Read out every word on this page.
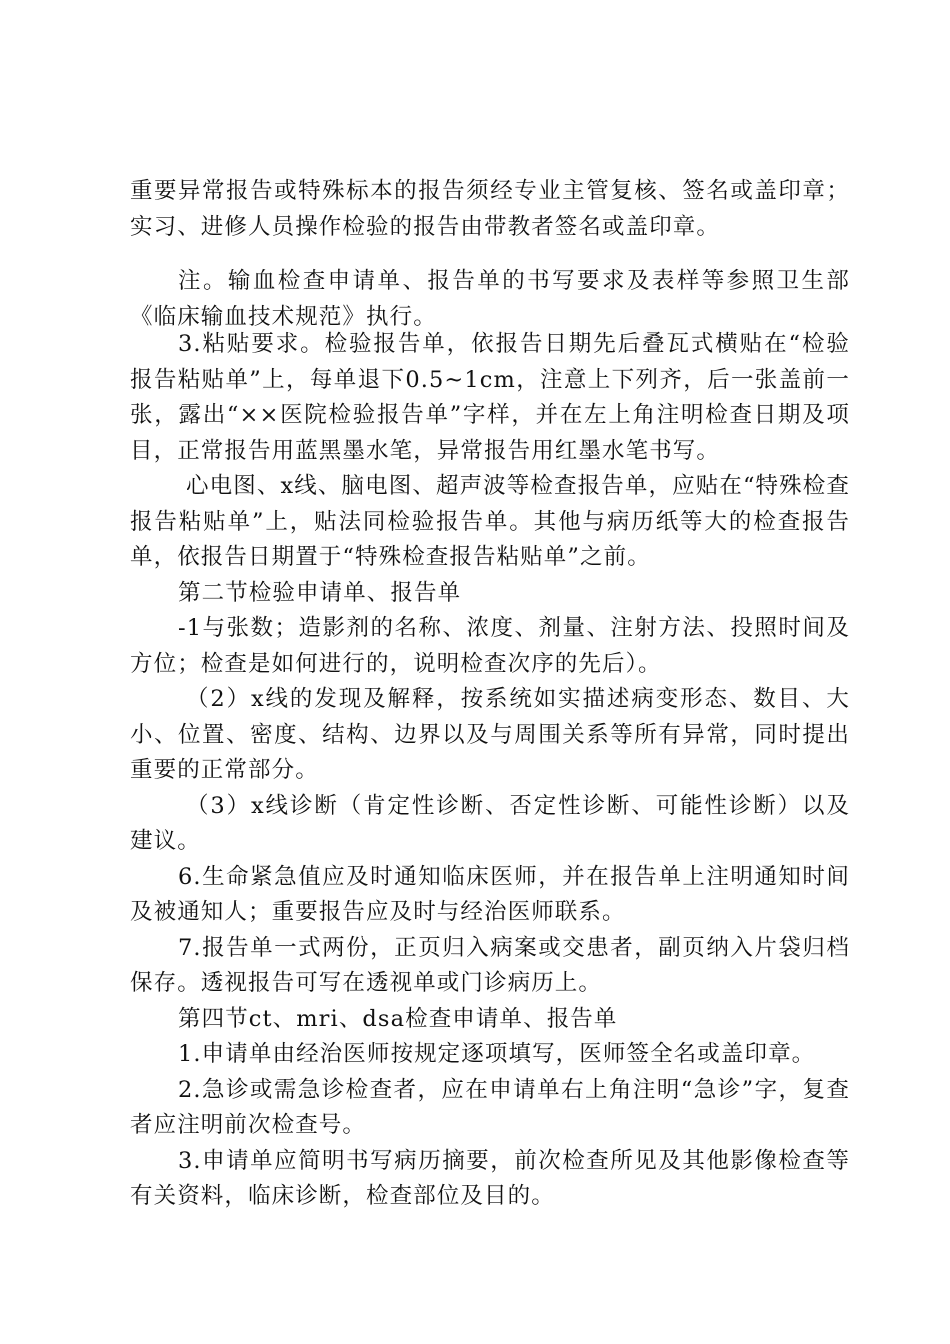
重要异常报告或特殊标本的报告须经专业主管复核、签名或盖印章；实习、进修人员操作检验的报告由带教者签名或盖印章。

注。输血检查申请单、报告单的书写要求及表样等参照卫生部《临床输血技术规范》执行。

3.粘贴要求。检验报告单，依报告日期先后叠瓦式横贴在“检验报告粘贴单”上，每单退下0.5~1cm，注意上下列齐，后一张盖前一张，露出“××医院检验报告单”字样，并在左上角注明检查日期及项目，正常报告用蓝黑墨水笔，异常报告用红墨水笔书写。

心电图、x线、脑电图、超声波等检查报告单，应贴在“特殊检查报告粘贴单”上，贴法同检验报告单。其他与病历纸等大的检查报告单，依报告日期置于“特殊检查报告粘贴单”之前。

第二节检验申请单、报告单

-1与张数；造影剂的名称、浓度、剂量、注射方法、投照时间及方位；检查是如何进行的，说明检查次序的先后）。

（2）x线的发现及解释，按系统如实描述病变形态、数目、大小、位置、密度、结构、边界以及与周围关系等所有异常，同时提出重要的正常部分。

（3）x线诊断（肯定性诊断、否定性诊断、可能性诊断）以及建议。

6.生命紧急值应及时通知临床医师，并在报告单上注明通知时间及被通知人；重要报告应及时与经治医师联系。

7.报告单一式两份，正页归入病案或交患者，副页纳入片袋归档保存。透视报告可写在透视单或门诊病历上。

第四节ct、mri、dsa检查申请单、报告单

1.申请单由经治医师按规定逐项填写，医师签全名或盖印章。

2.急诊或需急诊检查者，应在申请单右上角注明“急诊”字，复查者应注明前次检查号。

3.申请单应简明书写病历摘要，前次检查所见及其他影像检查等有关资料，临床诊断，检查部位及目的。
